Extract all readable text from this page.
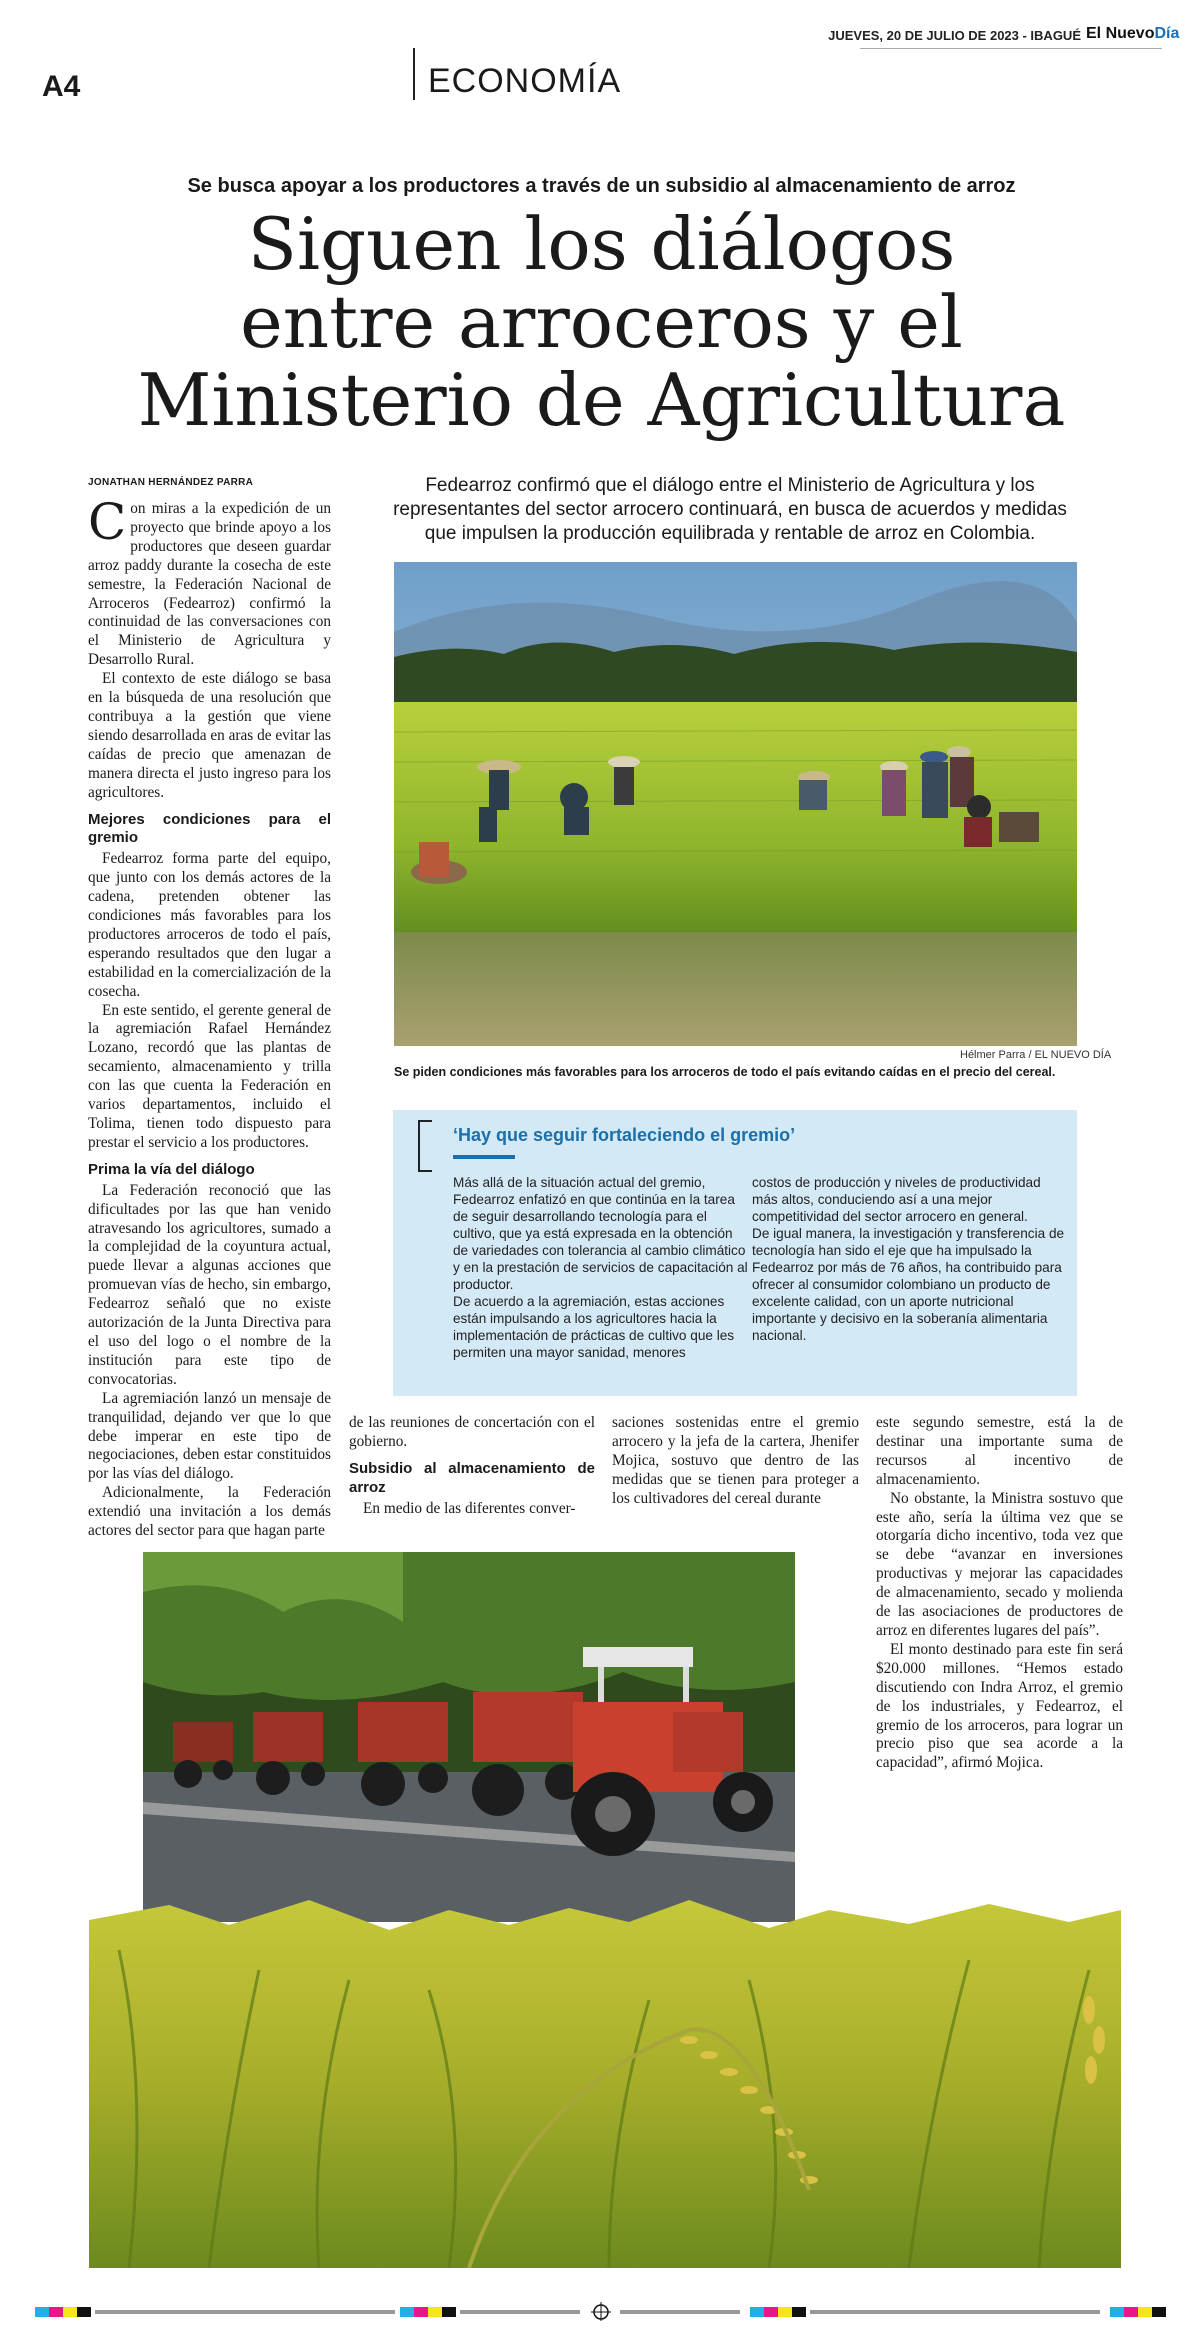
A4	ECONOMÍA
JUEVES, 20 DE JULIO DE 2023 - IBAGUÉ El NuevoDía
Se busca apoyar a los productores a través de un subsidio al almacenamiento de arroz
Siguen los diálogos
entre arroceros y el
Ministerio de Agricultura
JONATHAN HERNÁNDEZ PARRA	Fedearroz confirmó que el diálogo entre el Ministerio de Agricultura y los representantes del sector arrocero continuará, en busca de acuerdos y medidas que impulsen la producción equilibrada y rentable de arroz en Colombia.

Con miras a la expedición de un proyecto que brinde apoyo a los productores que deseen guardar arroz paddy durante la cosecha de este semestre, la Federación Nacional de Arroceros (Fedearroz) confirmó la continuidad de las conversaciones con el Ministerio de Agricultura y Desarrollo Rural.

El contexto de este diálogo se basa en la búsqueda de una resolución que contribuya a la gestión que viene siendo desarrollada en aras de evitar las caídas de precio que amenazan de manera directa el justo ingreso para los agricultores.

Mejores condiciones para el gremio

Fedearroz forma parte del equipo, que junto con los demás actores de la cadena, pretenden obtener las condiciones más favorables para los productores arroceros de todo el país, esperando resultados que den lugar a estabilidad en la comercialización de la cosecha.

En este sentido, el gerente general de la agremiación Rafael Hernández Lozano, recordó que las plantas de secamiento, almacenamiento y trilla con las que cuenta la Federación en varios departamentos, incluido el Tolima, tienen todo dispuesto para prestar el servicio a los productores.

Prima la vía del diálogo

La Federación reconoció que las dificultades por las que han venido atravesando los agricultores, sumado a la complejidad de la coyuntura actual, puede llevar a algunas acciones que promuevan vías de hecho, sin embargo, Fedearroz señaló que no existe autorización de la Junta Directiva para el uso del logo o el nombre de la institución para este tipo de convocatorias.

La agremiación lanzó un mensaje de tranquilidad, dejando ver que lo que debe imperar en este tipo de negociaciones, deben estar constituidos por las vías del diálogo.

Adicionalmente, la Federación extendió una invitación a los demás actores del sector para que hagan parte

Hélmer Parra / EL NUEVO DÍA
Se piden condiciones más favorables para los arroceros de todo el país evitando caídas en el precio del cereal.
‘Hay que seguir fortaleciendo el gremio’

Más allá de la situación actual del gremio, Fedearroz enfatizó en que continúa en la tarea de seguir desarrollando tecnología para el cultivo, que ya está expresada en la obtención de variedades con tolerancia al cambio climático y en la prestación de servicios de capacitación al productor.

De acuerdo a la agremiación, estas acciones están impulsando a los agricultores hacia la implementación de prácticas de cultivo que les permiten una mayor sanidad, menores

costos de producción y niveles de productividad más altos, conduciendo así a una mejor competitividad del sector arrocero en general.

De igual manera, la investigación y transferencia de tecnología han sido el eje que ha impulsado la Fedearroz por más de 76 años, ha contribuido para ofrecer al consumidor colombiano un producto de excelente calidad, con un aporte nutricional importante y decisivo en la soberanía alimentaria nacional.

de las reuniones de concertación con el gobierno.

Subsidio al almacenamiento de arroz

En medio de las diferentes conver-

saciones sostenidas entre el gremio arrocero y la jefa de la cartera, Jhenifer Mojica, sostuvo que dentro de las medidas que se tienen para proteger a los cultivadores del cereal durante

este segundo semestre, está la de destinar una importante suma de recursos al incentivo de almacenamiento.

No obstante, la Ministra sostuvo que este año, sería la última vez que se otorgaría dicho incentivo, toda vez que se debe “avanzar en inversiones productivas y mejorar las capacidades de almacenamiento, secado y molienda de las asociaciones de productores de arroz en diferentes lugares del país”.

El monto destinado para este fin será $20.000 millones. “Hemos estado discutiendo con Indra Arroz, el gremio de los industriales, y Fedearroz, el gremio de los arroceros, para lograr un precio piso que sea acorde a la capacidad”, afirmó Mojica.
